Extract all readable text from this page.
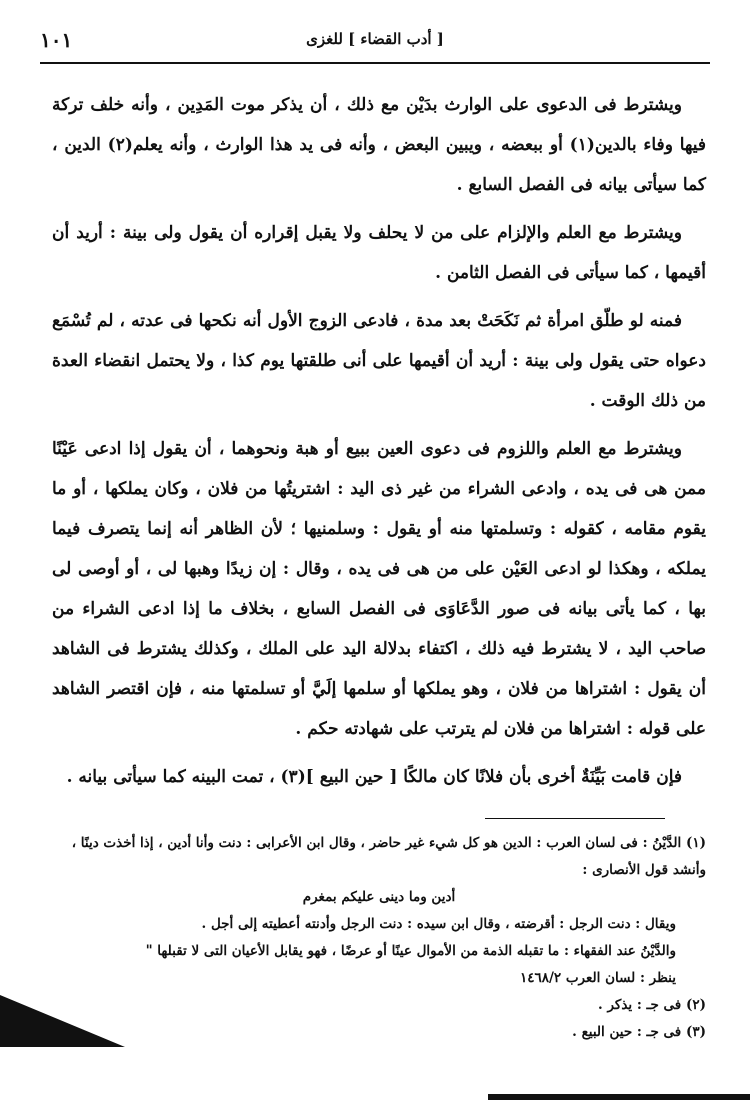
[ أدب القضاء ] للغزى
١٠١

ويشترط فى الدعوى على الوارث بدَيْن مع ذلك ، أن يذكر موت المَدِين ، وأنه خلف تركة فيها وفاء بالدين(١) أو ببعضه ، ويبين البعض ، وأنه فى يد هذا الوارث ، وأنه يعلم(٢) الدين ، كما سيأتى بيانه فى الفصل السابع .

ويشترط مع العلم والإلزام على من لا يحلف ولا يقبل إقراره أن يقول ولى بينة : أريد أن أقيمها ، كما سيأتى فى الفصل الثامن .

فمنه لو طلّق امرأة ثم نَكَحَتْ بعد مدة ، فادعى الزوج الأول أنه نكحها فى عدته ، لم تُسْمَع دعواه حتى يقول ولى بينة : أريد أن أقيمها على أنى طلقتها يوم كذا ، ولا يحتمل انقضاء العدة من ذلك الوقت .

ويشترط مع العلم واللزوم فى دعوى العين ببيع أو هبة ونحوهما ، أن يقول إذا ادعى عَيْنًا ممن هى فى يده ، وادعى الشراء من غير ذى اليد : اشتريتُها من فلان ، وكان يملكها ، أو ما يقوم مقامه ، كقوله : وتسلمتها منه أو يقول : وسلمنيها ؛ لأن الظاهر أنه إنما يتصرف فيما يملكه ، وهكذا لو ادعى العَيْن على من هى فى يده ، وقال : إن زيدًا وهبها لى ، أو أوصى لى بها ، كما يأتى بيانه فى صور الدَّعَاوَى فى الفصل السابع ، بخلاف ما إذا ادعى الشراء من صاحب اليد ، لا يشترط فيه ذلك ، اكتفاء بدلالة اليد على الملك ، وكذلك يشترط فى الشاهد أن يقول : اشتراها من فلان ، وهو يملكها أو سلمها إلَيَّ أو تسلمتها منه ، فإن اقتصر الشاهد على قوله : اشتراها من فلان لم يترتب على شهادته حكم .

فإن قامت بَيِّنَةٌ أخرى بأن فلانًا كان مالكًا [ حين البيع ](٣) ، تمت البينه كما سيأتى بيانه .

(١) الدَّيْنُ : فى لسان العرب : الدين هو كل شيء غير حاضر ، وقال ابن الأعرابى : دنت وأنا أدين ، إذا أخذت دينًا ، وأنشد قول الأنصارى :
أدين وما دينى عليكم بمغرم
ويقال : دنت الرجل : أقرضته ، وقال ابن سيده : دنت الرجل وأدنته أعطيته إلى أجل .
والدَّيْنُ عند الفقهاء : ما تقبله الذمة من الأموال عينًا أو عرضًا ، فهو يقابل الأعيان التى لا تقبلها "
ينظر : لسان العرب ١٤٦٨/٢
(٢) فى جـ : يذكر .
(٣) فى جـ : حين البيع .
